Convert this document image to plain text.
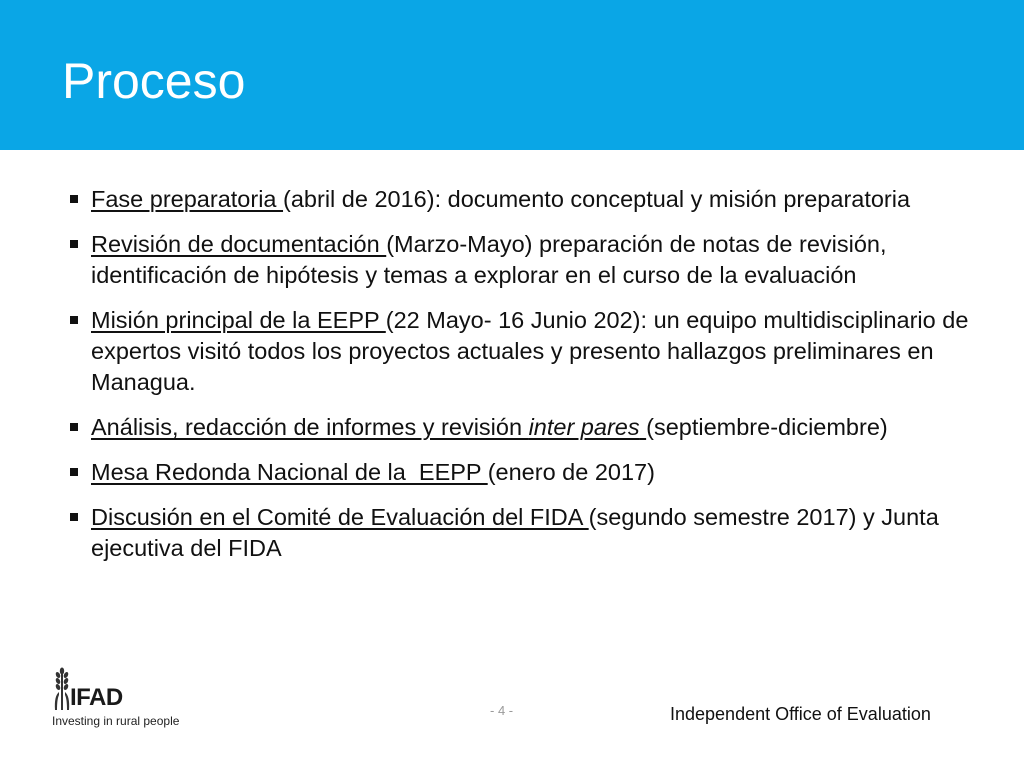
Proceso
Fase preparatoria (abril de 2016): documento conceptual y misión preparatoria
Revisión de documentación (Marzo-Mayo) preparación de notas de revisión, identificación de hipótesis y temas a explorar en el curso de la evaluación
Misión principal de la EEPP (22 Mayo- 16 Junio 202): un equipo multidisciplinario de expertos visitó todos los proyectos actuales y presento hallazgos preliminares en Managua.
Análisis, redacción de informes y revisión inter pares (septiembre-diciembre)
Mesa Redonda Nacional de la  EEPP (enero de 2017)
Discusión en el Comité de Evaluación del FIDA (segundo semestre 2017) y Junta ejecutiva del FIDA
IFAD
Investing in rural people
- 4 -	Independent Office of Evaluation
